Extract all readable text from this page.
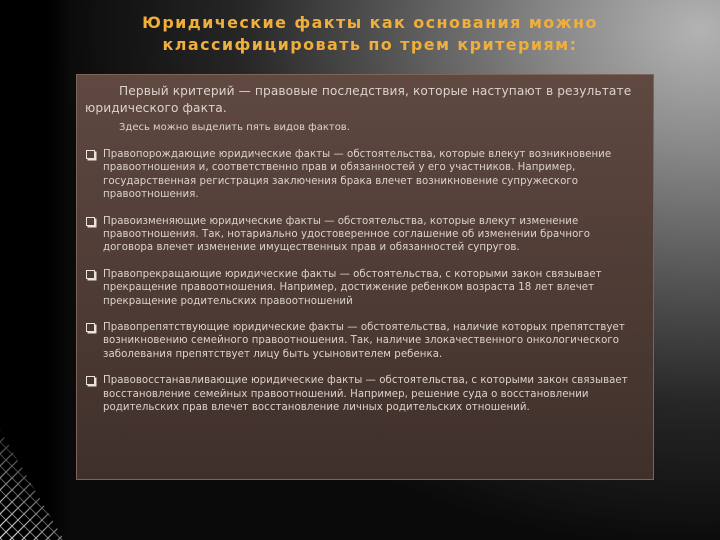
Юридические факты как основания можно
классифицировать по трем критериям:

Первый критерий — правовые последствия, которые наступают в результате юридического факта.

Здесь можно выделить пять видов фактов.

Правопорождающие юридические факты — обстоятельства, которые влекут возникновение правоотношения и, соответственно прав и обязанностей у его участников. Например, государственная регистрация заключения брака влечет возникновение супружеского правоотношения.
Правоизменяющие юридические факты — обстоятельства, которые влекут изменение правоотношения. Так, нотариально удостоверенное соглашение об изменении брачного договора влечет изменение имущественных прав и обязанностей супругов.
Правопрекращающие юридические факты — обстоятельства, с которыми закон связывает прекращение правоотношения. Например, достижение ребенком возраста 18 лет влечет прекращение родительских правоотношений
Правопрепятствующие юридические факты — обстоятельства, наличие которых препятствует возникновению семейного правоотношения. Так, наличие злокачественного онкологического заболевания препятствует лицу быть усыновителем ребенка.
Правовосстанавливающие юридические факты — обстоятельства, с которыми закон связывает восстановление семейных правоотношений. Например, решение суда о восстановлении родительских прав влечет восстановление личных родительских отношений.
